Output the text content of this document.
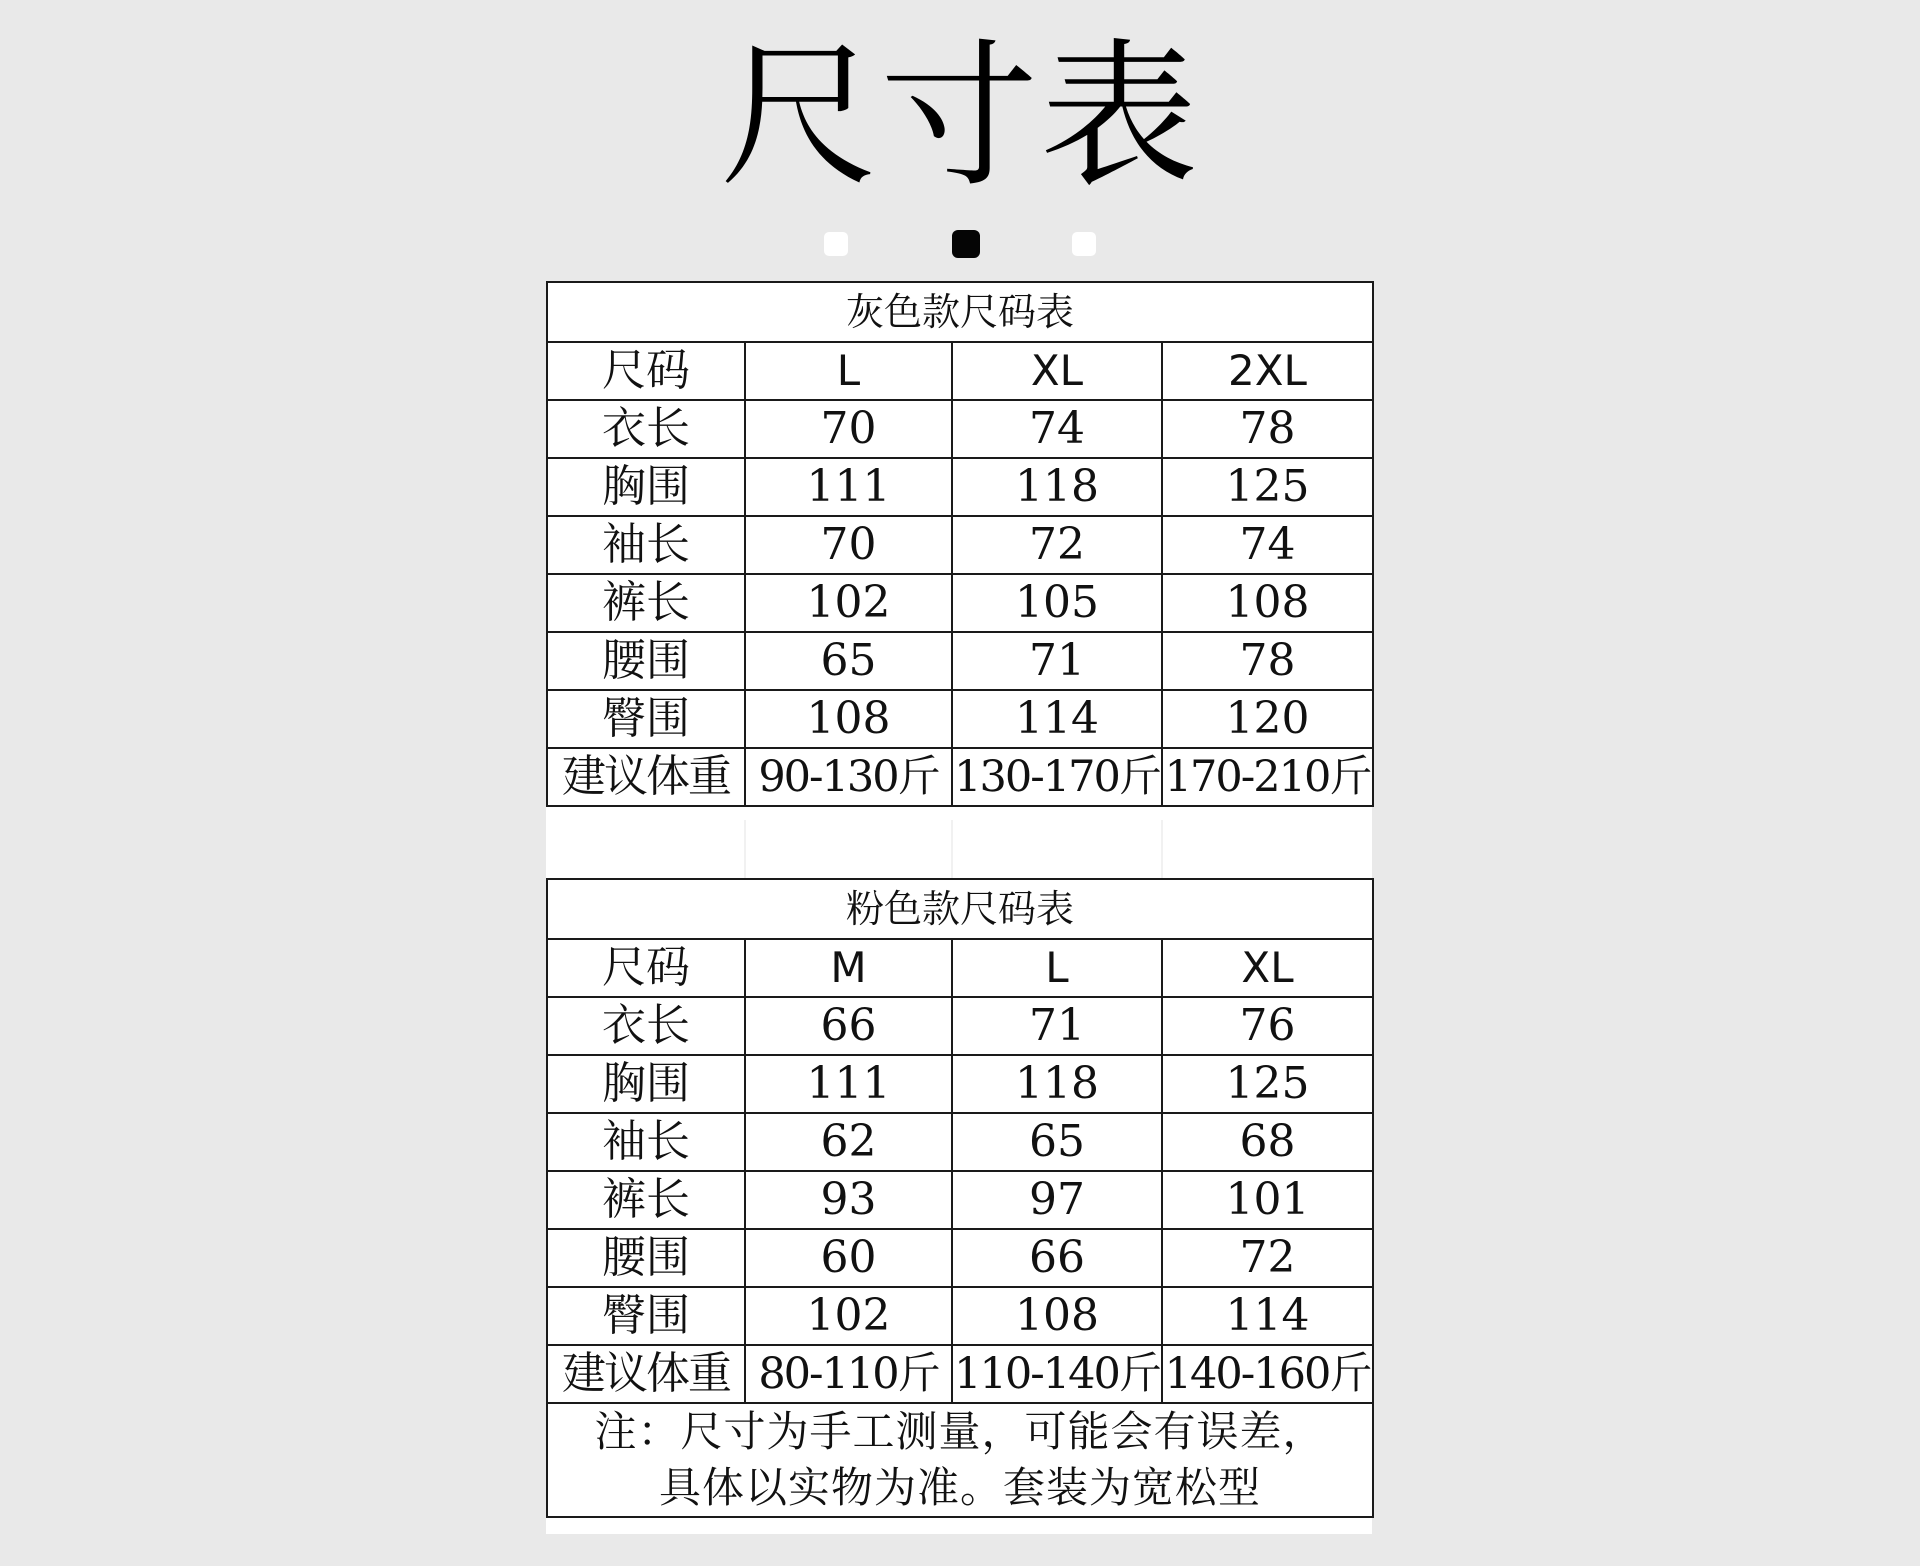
尺寸表
灰色款尺码表			
尺码	L	XL	2XL
衣长	70	74	78
胸围	111	118	125
袖长	70	72	74
裤长	102	105	108
腰围	65	71	78
臀围	108	114	120
建议体重	90-130斤	130-170斤	170-210斤
粉色款尺码表			
尺码	M	L	XL
衣长	66	71	76
胸围	111	118	125
袖长	62	65	68
裤长	93	97	101
腰围	60	66	72
臀围	102	108	114
建议体重	80-110斤	110-140斤	140-160斤

注：尺寸为手工测量，可能会有误差，
具体以实物为准。套装为宽松型			
